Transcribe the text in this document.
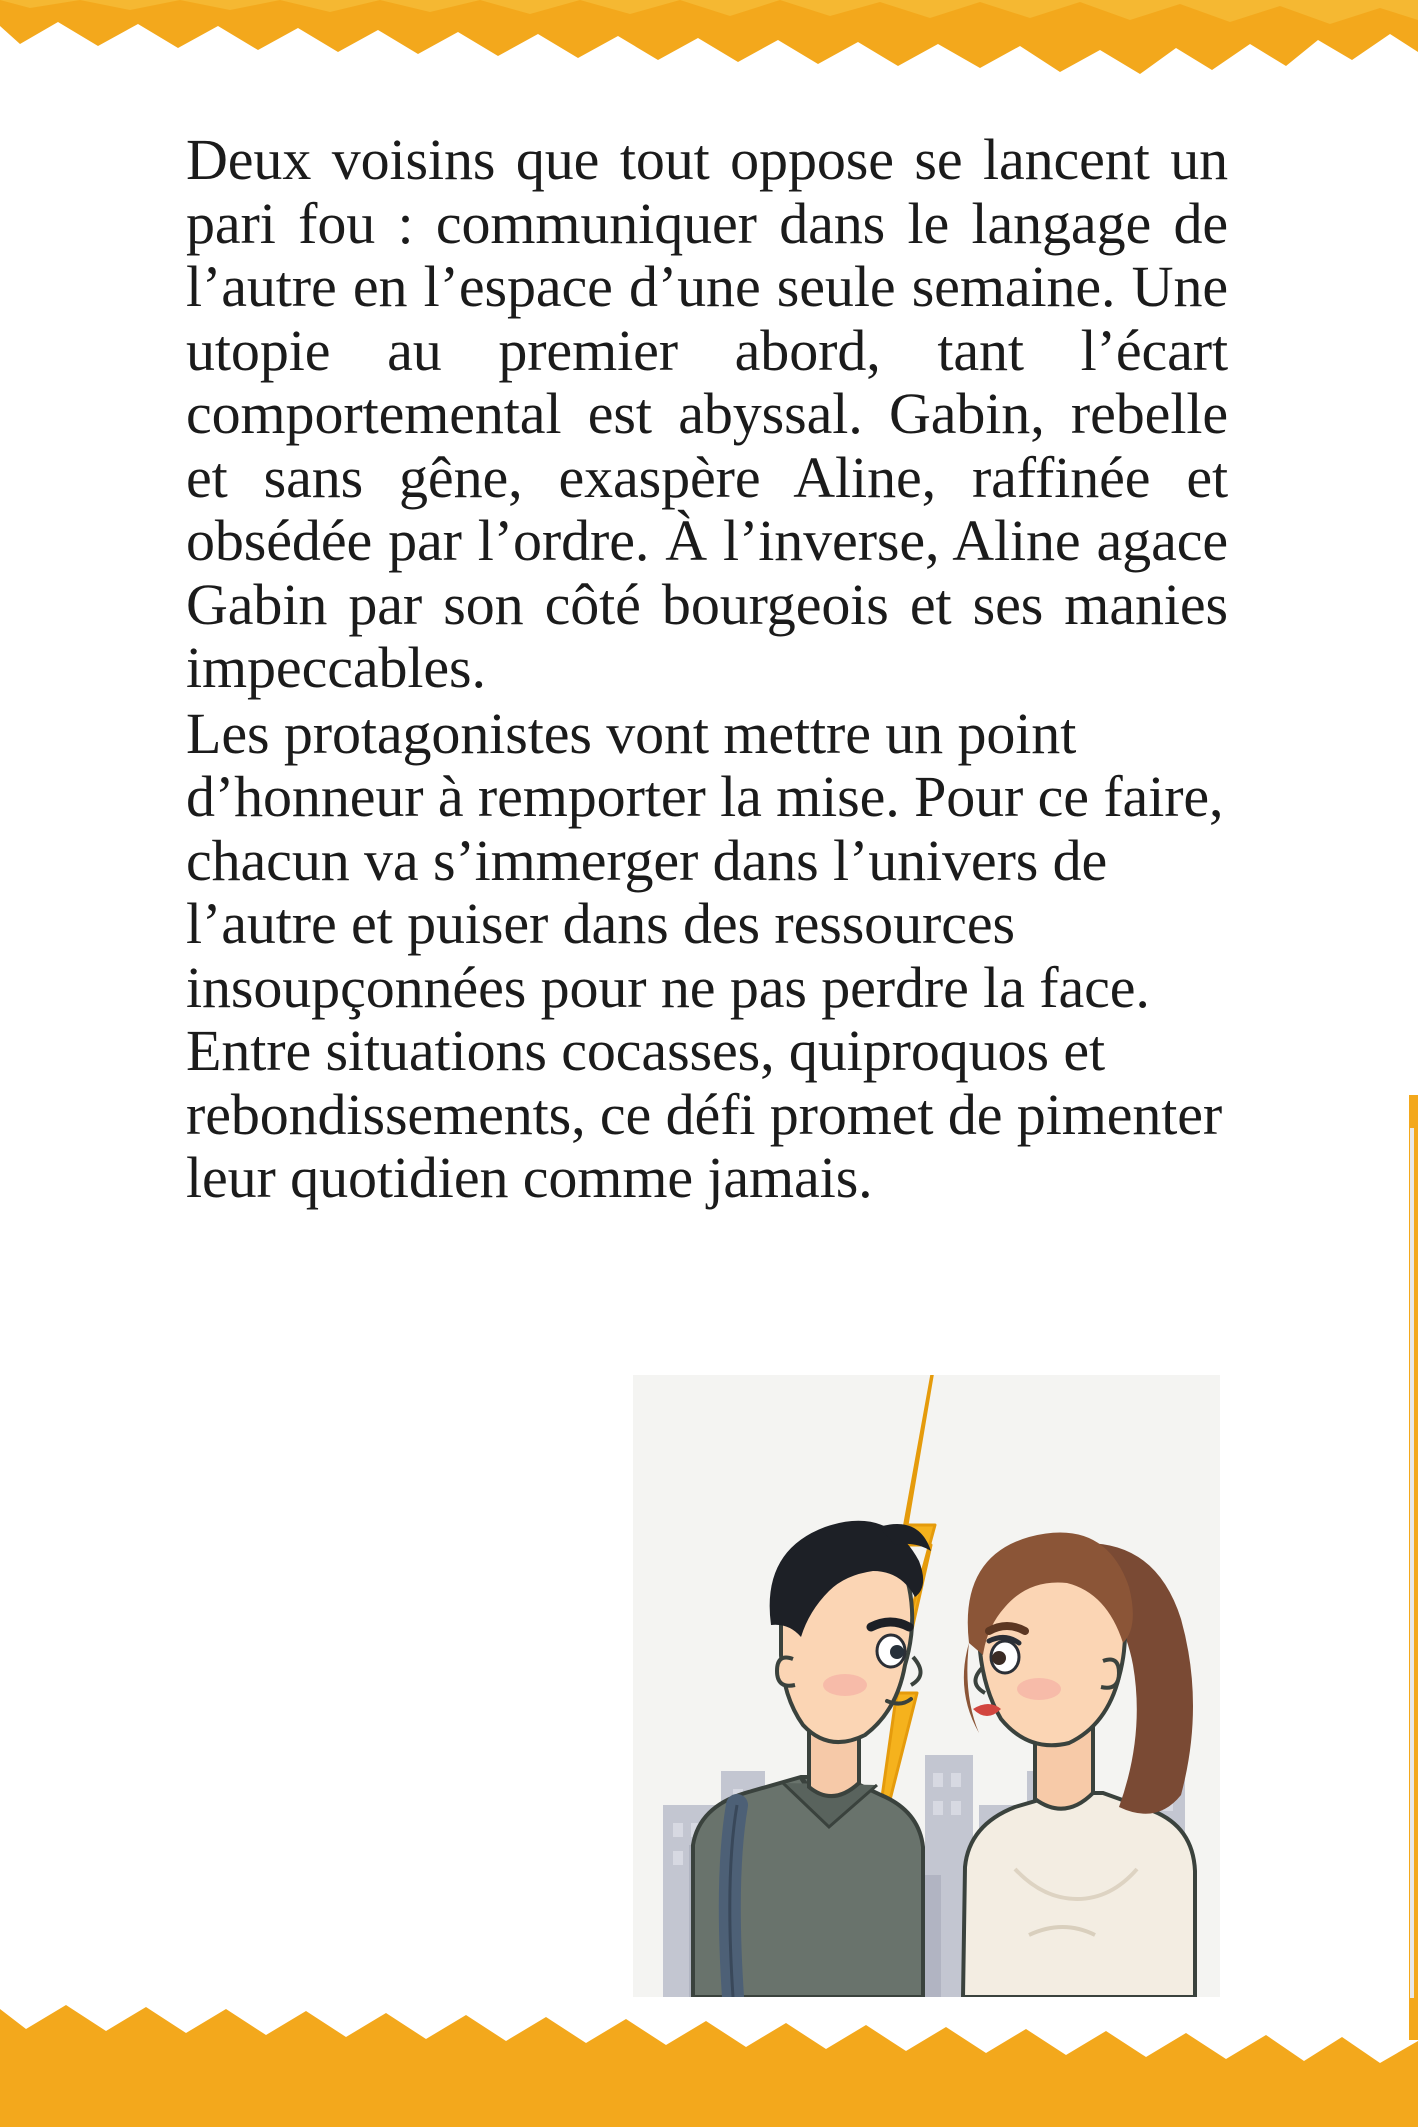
Deux voisins que tout oppose se lancent un pari fou : communiquer dans le langage de l’autre en l’espace d’une seule semaine. Une utopie au premier abord, tant l’écart comportemental est abyssal. Gabin, rebelle et sans gêne, exaspère Aline, raffinée et obsédée par l’ordre. À l’inverse, Aline agace Gabin par son côté bourgeois et ses manies impeccables.

Les protagonistes vont mettre un point d’honneur à remporter la mise. Pour ce faire, chacun va s’immerger dans l’univers de l’autre et puiser dans des ressources insoupçonnées pour ne pas perdre la face. Entre situations cocasses, quiproquos et rebondissements, ce défi promet de pimenter leur quotidien comme jamais.
